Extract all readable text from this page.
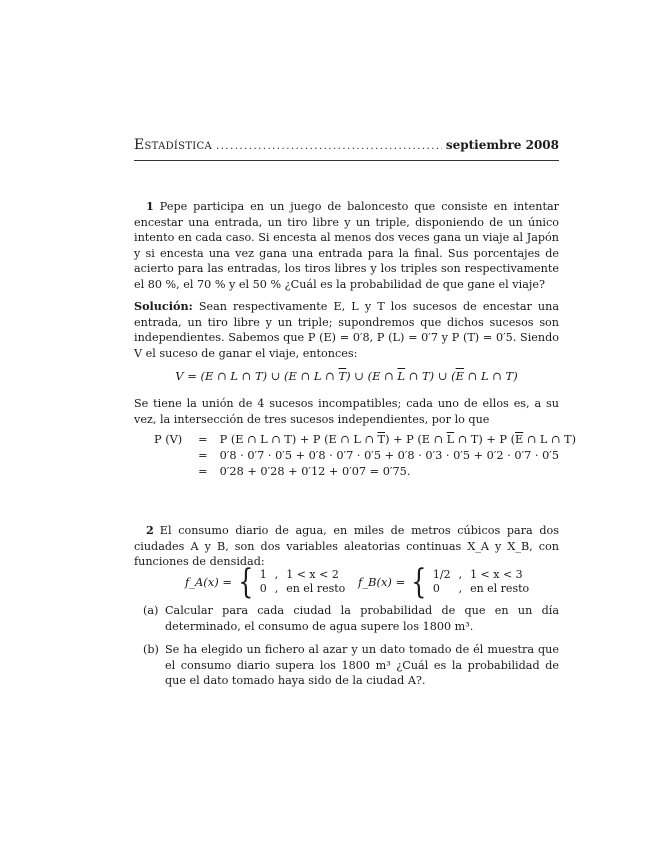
Estadística .....	septiembre 2008
1 Pepe participa en un juego de baloncesto que consiste en intentar encestar una entrada, un tiro libre y un triple, disponiendo de un único intento en cada caso. Si encesta al menos dos veces gana un viaje al Japón y si encesta una vez gana una entrada para la final. Sus porcentajes de acierto para las entradas, los tiros libres y los triples son respectivamente el 80 %, el 70 % y el 50 % ¿Cuál es la probabilidad de que gane el viaje?
Solución: Sean respectivamente E, L y T los sucesos de encestar una entrada, un tiro libre y un triple; supondremos que dichos sucesos son independientes. Sabemos que P (E) = 0′8, P (L) = 0′7 y P (T) = 0′5. Siendo V el suceso de ganar el viaje, entonces:
V = (E ∩ L ∩ T) ∪ (E ∩ L ∩ $\overline{T}$) ∪ (E ∩ $\overline{L}$ ∩ T) ∪ ($\overline{E}$ ∩ L ∩ T)
Se tiene la unión de 4 sucesos incompatibles; cada uno de ellos es, a su vez, la intersección de tres sucesos independientes, por lo que
P (V)	=	P (E ∩ L ∩ T) + P (E ∩ L ∩ $\overline{T}) + P$ (E ∩ $\overline{L}$ ∩ T) + P ($\overline{E}$ ∩ L ∩ T)
	=	0′8 · 0′7 · 0′5 + 0′8 · 0′7 · 0′5 + 0′8 · 0′3 · 0′5 + 0′2 · 0′7 · 0′5
	=	0′28 + 0′28 + 0′12 + 0′07 = 0′75.
2 El consumo diario de agua, en miles de metros cúbicos para dos ciudades A y B, son dos variables aleatorias continuas X_A y X_B, con funciones de densidad:
f_A(x) = { 1 , 1 < x < 2
0 , en el resto f_B(x) = { 1/2 , 1 < x < 3
0	, en el resto
(a) Calcular para cada ciudad la probabilidad de que en un día determinado, el consumo de agua supere los 1800 m³.
(b) Se ha elegido un fichero al azar y un dato tomado de él muestra que el consumo diario supera los 1800 m³ ¿Cuál es la probabilidad de que el dato tomado haya sido de la ciudad A?.
